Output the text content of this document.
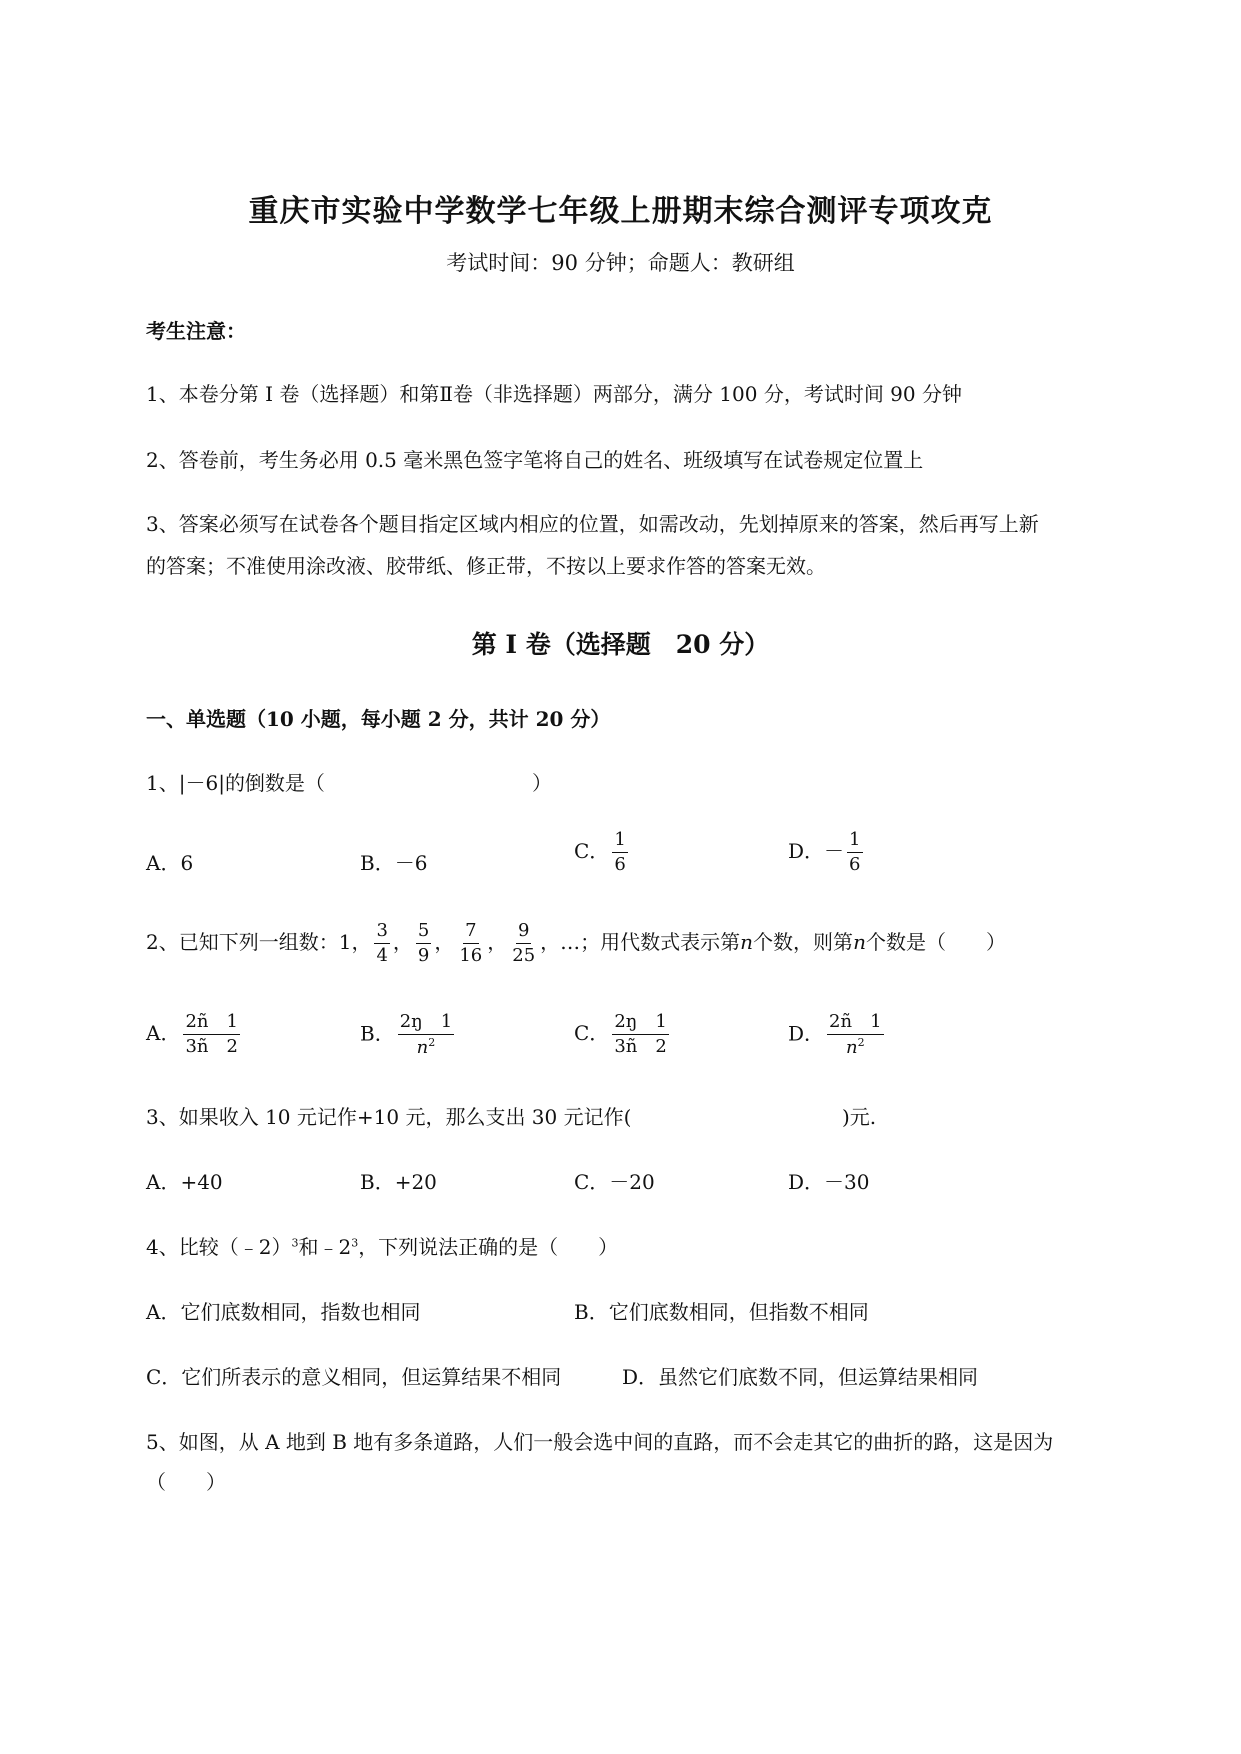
重庆市实验中学数学七年级上册期末综合测评专项攻克
考试时间：90 分钟；命题人：教研组
考生注意：
1、本卷分第 I 卷（选择题）和第Ⅱ卷（非选择题）两部分，满分 100 分，考试时间 90 分钟
2、答卷前，考生务必用 0.5 毫米黑色签字笔将自己的姓名、班级填写在试卷规定位置上
3、答案必须写在试卷各个题目指定区域内相应的位置，如需改动，先划掉原来的答案，然后再写上新
的答案；不准使用涂改液、胶带纸、修正带，不按以上要求作答的答案无效。
第 I 卷（选择题　20 分）
一、单选题（10 小题，每小题 2 分，共计 20 分）
1、|－6|的倒数是（	）
A．6	B．－6
C． $\frac{1}{6}$	D．－ $\frac{1}{6}$
2、已知下列一组数：1， $\frac{3}{4}$ ， $\frac{5}{9}$ ， $\frac{7}{16}$ ， $\frac{9}{25}$ ，…；用代数式表示第n个数，则第n个数是（　　）
A． $\frac{2ñ 1}{3ñ 2}$	B． $\frac{2ŋ 1}{n^2}$	C． $\frac{2ŋ 1}{3ñ 2}$	D． $\frac{2ñ 1}{n^2}$
3、如果收入 10 元记作+10 元，那么支出 30 元记作(	)元.
A．+40	B．+20	C．－20	D．－30
4、比较（﹣2）$^3$和$﹣2^3$，下列说法正确的是（　　）
A．它们底数相同，指数也相同	B．它们底数相同，但指数不相同
C．它们所表示的意义相同，但运算结果不相同	D．虽然它们底数不同，但运算结果相同
5、如图，从 A 地到 B 地有多条道路，人们一般会选中间的直路，而不会走其它的曲折的路，这是因为
（　　）
